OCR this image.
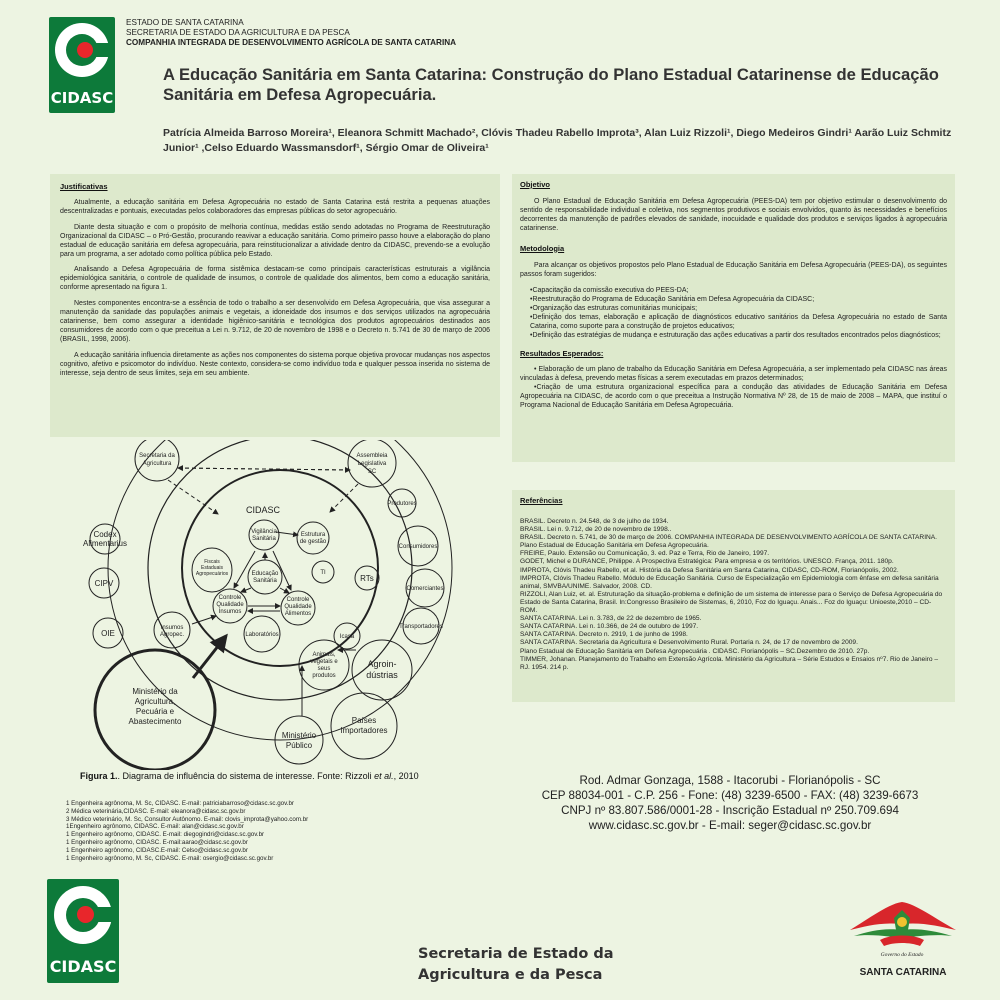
CIDASC
ESTADO DE SANTA CATARINA
SECRETARIA DE ESTADO DA AGRICULTURA E DA PESCA
COMPANHIA INTEGRADA DE DESENVOLVIMENTO AGRÍCOLA DE SANTA CATARINA
A Educação Sanitária em Santa Catarina: Construção do Plano Estadual Catarinense de Educação Sanitária em Defesa Agropecuária.
Patrícia Almeida Barroso Moreira¹, Eleanora Schmitt Machado², Clóvis Thadeu Rabello Improta³, Alan Luiz Rizzoli¹, Diego Medeiros Gindri¹ Aarão Luiz Schmitz Junior¹ ,Celso Eduardo Wassmansdorf¹, Sérgio Omar de Oliveira¹
Justificativas

Atualmente, a educação sanitária em Defesa Agropecuária no estado de Santa Catarina está restrita a pequenas atuações descentralizadas e pontuais, executadas pelos colaboradores das empresas públicas do setor agropecuário.

Diante desta situação e com o propósito de melhoria contínua, medidas estão sendo adotadas no Programa de Reestruturação Organizacional da CIDASC – o Pró-Gestão, procurando reavivar a educação sanitária. Como primeiro passo houve a elaboração do plano estadual de educação sanitária em defesa agropecuária, para reinstitucionalizar a atividade dentro da CIDASC, prevendo-se a evolução para um programa, a ser adotado como política pública pelo Estado.

Analisando a Defesa Agropecuária de forma sistêmica destacam-se como principais características estruturais a vigilância epidemiológica sanitária, o controle de qualidade de insumos, o controle de qualidade dos alimentos, bem como a educação sanitária, conforme apresentado na figura 1.

Nestes componentes encontra-se a essência de todo o trabalho a ser desenvolvido em Defesa Agropecuária, que visa assegurar a manutenção da sanidade das populações animais e vegetais, a idoneidade dos insumos e dos serviços utilizados na agropecuária catarinense, bem como assegurar a identidade higiênico-sanitária e tecnológica dos produtos agropecuários destinados aos consumidores de acordo com o que preceitua a Lei n. 9.712, de 20 de novembro de 1998 e o Decreto n. 5.741 de 30 de março de 2006 (BRASIL, 1998, 2006).

A educação sanitária influencia diretamente as ações nos componentes do sistema porque objetiva provocar mudanças nos aspectos cognitivo, afetivo e psicomotor do indivíduo. Neste contexto, considera-se como indivíduo toda e qualquer pessoa inserida no sistema de interesse, seja dentro de seus limites, seja em seu ambiente.

Secretaria da
Agricultura
Assembleia
Legislativa
SC
Codex
Alimentarius
CIPV
OIE
Produtores
Consumidores
Comerciantes
Transportadores
Agroin-
dústrias
Países
Importadores
Ministério
Público
Ministério da
Agricultura,
Pecuária e
Abastecimento
CIDASC
Vigilância
Sanitária
Estrutura
de gestão
TI
RTs
Insumos
Agropec.	Laboratórios	Icasa
Animais,
vegetais e
seus
produtos
Fiscais
Estaduais
Agropecuários	Educação
Sanitária
Controle
Qualidade
Insumos
Controle
Qualidade
Alimentos
Figura 1.. Diagrama de influência do sistema de interesse. Fonte: Rizzoli et al., 2010
1 Engenheira agrônoma, M. Sc, CIDASC. E-mail: patriciabarroso@cidasc.sc.gov.br
2 Médica veterinária,CIDASC. E-mail: eleanora@cidasc.sc.gov.br
3 Médico veterinário, M. Sc, Consultor Autônomo. E-mail: clovis_improta@yahoo.com.br
1Engenheiro agrônomo, CIDASC. E-mail: alan@cidasc.sc.gov.br
1 Engenheiro agrônomo, CIDASC. E-mail: diegogindri@cidasc.sc.gov.br
1 Engenheiro agrônomo, CIDASC. E-mail:aarao@cidasc.sc.gov.br
1 Engenheiro agrônomo, CIDASC.E-mail: Celso@cidasc.sc.gov.br
1 Engenheiro agrônomo, M. Sc, CIDASC. E-mail: osergio@cidasc.sc.gov.br
Objetivo

O Plano Estadual de Educação Sanitária em Defesa Agropecuária (PEES-DA) tem por objetivo estimular o desenvolvimento do sentido de responsabilidade individual e coletiva, nos segmentos produtivos e sociais envolvidos, quanto às necessidades e benefícios decorrentes da manutenção de padrões elevados de sanidade, inocuidade e qualidade dos produtos e serviços ligados à agropecuária catarinense.

Metodologia

Para alcançar os objetivos propostos pelo Plano Estadual de Educação Sanitária em Defesa Agropecuária (PEES-DA), os seguintes passos foram sugeridos:

•Capacitação da comissão executiva do PEES-DA;

•Reestruturação do Programa de Educação Sanitária em Defesa Agropecuária da CIDASC;

•Organização das estruturas comunitárias municipais;

•Definição dos temas, elaboração e aplicação de diagnósticos educativo sanitários da Defesa Agropecuária no estado de Santa Catarina, como suporte para a construção de projetos educativos;

•Definição das estratégias de mudança e estruturação das ações educativas a partir dos resultados encontrados pelos diagnósticos;

Resultados Esperados:

• Elaboração de um plano de trabalho da Educação Sanitária em Defesa Agropecuária, a ser implementado pela CIDASC nas áreas vinculadas à defesa, prevendo metas físicas a serem executadas em prazos determinados;

•Criação de uma estrutura organizacional específica para a condução das atividades de Educação Sanitária em Defesa Agropecuária na CIDASC, de acordo com o que preceitua a Instrução Normativa Nº 28, de 15 de maio de 2008 – MAPA, que instituí o Programa Nacional de Educação Sanitária em Defesa Agropecuária.

Referências
BRASIL. Decreto n. 24.548, de 3 de julho de 1934.
BRASIL. Lei n. 9.712, de 20 de novembro de 1998..
BRASIL. Decreto n. 5.741, de 30 de março de 2006. COMPANHIA INTEGRADA DE DESENVOLVIMENTO AGRÍCOLA DE SANTA CATARINA. Plano Estadual de Educação Sanitária em Defesa Agropecuária.
FREIRE, Paulo. Extensão ou Comunicação, 3. ed. Paz e Terra, Rio de Janeiro, 1997.
GODET, Michel e DURANCE, Philippe. A Prospectiva Estratégica: Para empresa e os territórios. UNESCO. França, 2011. 180p.
IMPROTA, Clóvis Thadeu Rabello, et al. História da Defesa Sanitária em Santa Catarina, CIDASC, CD-ROM, Florianópolis, 2002.
IMPROTA, Clóvis Thadeu Rabello. Módulo de Educação Sanitária. Curso de Especialização em Epidemiologia com ênfase em defesa sanitária animal, SMVBA/UNIME. Salvador, 2008. CD.
RIZZOLI, Alan Luiz, et. al. Estruturação da situação-problema e definição de um sistema de interesse para o Serviço de Defesa Agropecuária do Estado de Santa Catarina, Brasil. In:Congresso Brasileiro de Sistemas, 6, 2010, Foz do Iguaçu. Anais... Foz do Iguaçu: Unioeste,2010 – CD-ROM.
SANTA CATARINA. Lei n. 3.783, de 22 de dezembro de 1965.
SANTA CATARINA. Lei n. 10.366, de 24 de outubro de 1997.
SANTA CATARINA. Decreto n. 2919, 1 de junho de 1998.
SANTA CATARINA. Secretaria da Agricultura e Desenvolvimento Rural. Portaria n. 24, de 17 de novembro de 2009.
Plano Estadual de Educação Sanitária em Defesa Agropecuária . CIDASC. Florianópolis – SC.Dezembro de 2010. 27p.
TIMMER, Johanan. Planejamento do Trabalho em Extensão Agrícola. Ministério da Agricultura – Série Estudos e Ensaios nº7. Rio de Janeiro – RJ. 1954. 214 p.
Rod. Admar Gonzaga, 1588 - Itacorubi - Florianópolis - SC
CEP 88034-001 - C.P. 256 - Fone: (48) 3239-6500 - FAX: (48) 3239-6673
CNPJ nº 83.807.586/0001-28 - Inscrição Estadual nº 250.709.694
www.cidasc.sc.gov.br - E-mail: seger@cidasc.sc.gov.br
CIDASC
Secretaria de Estado da
Agricultura e da Pesca
Governo do Estado
SANTA CATARINA
